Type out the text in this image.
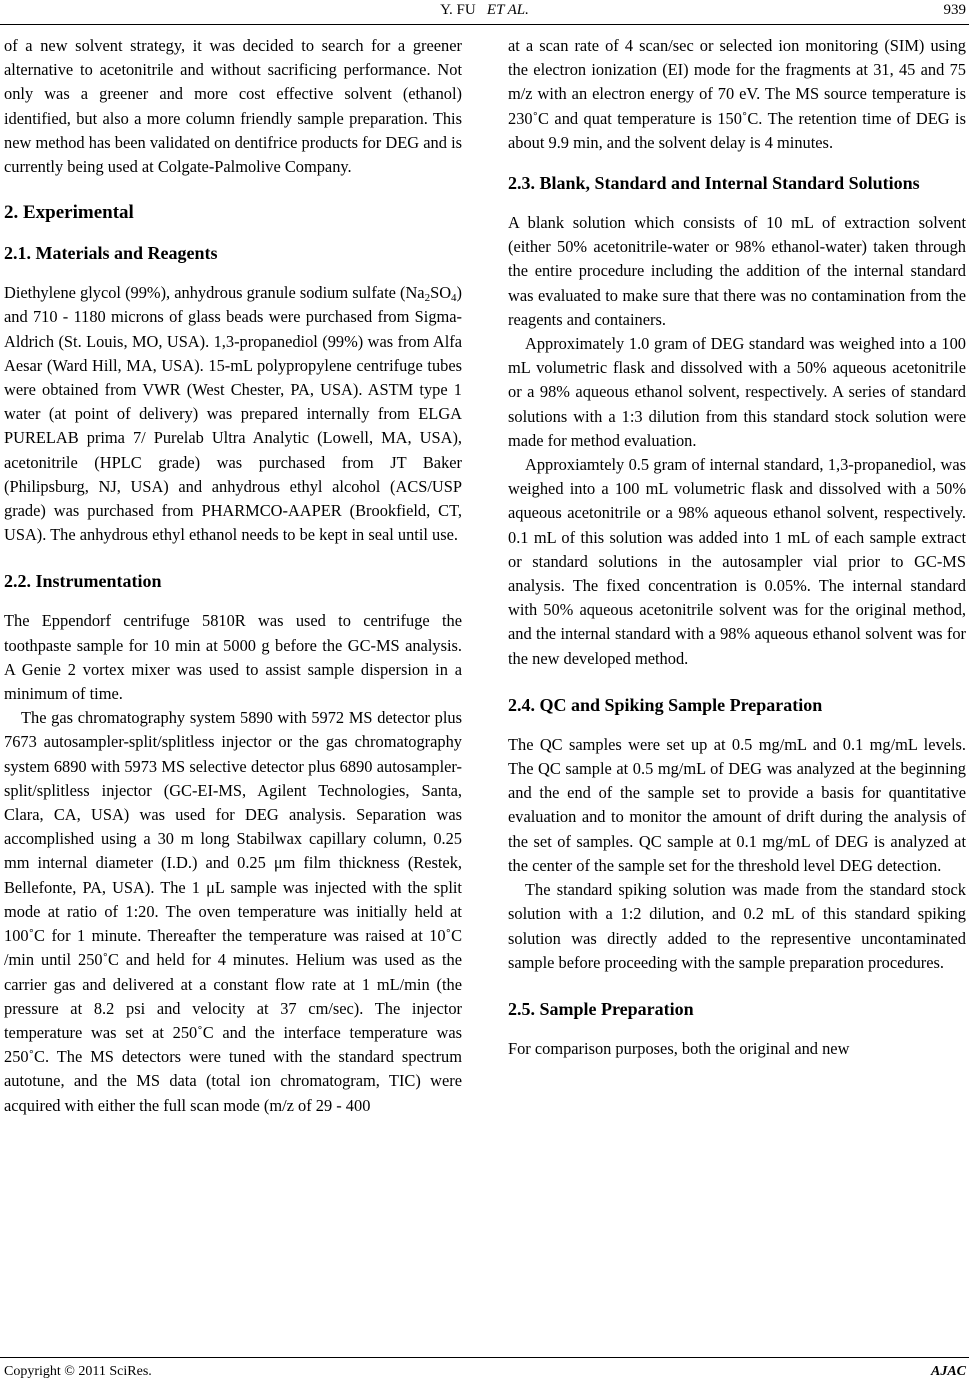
Y. FU ET AL.	939

of a new solvent strategy, it was decided to search for a greener alternative to acetonitrile and without sacrificing performance. Not only was a greener and more cost effective solvent (ethanol) identified, but also a more column friendly sample preparation. This new method has been validated on dentifrice products for DEG and is currently being used at Colgate-Palmolive Company.

2. Experimental
2.1. Materials and Reagents

Diethylene glycol (99%), anhydrous granule sodium sulfate $(Na_2SO_4)$ and 710 - 1180 microns of glass beads were purchased from Sigma-Aldrich (St. Louis, MO, USA). 1,3-propanediol (99%) was from Alfa Aesar (Ward Hill, MA, USA). 15-mL polypropylene centrifuge tubes were obtained from VWR (West Chester, PA, USA). ASTM type 1 water (at point of delivery) was prepared internally from ELGA PURELAB prima 7/ Purelab Ultra Analytic (Lowell, MA, USA), acetonitrile (HPLC grade) was purchased from JT Baker (Philipsburg, NJ, USA) and anhydrous ethyl alcohol (ACS/USP grade) was purchased from PHARMCO-AAPER (Brookfield, CT, USA). The anhydrous ethyl ethanol needs to be kept in seal until use.

2.2. Instrumentation

The Eppendorf centrifuge 5810R was used to centrifuge the toothpaste sample for 10 min at 5000 g before the GC-MS analysis. A Genie 2 vortex mixer was used to assist sample dispersion in a minimum of time.

The gas chromatography system 5890 with 5972 MS detector plus 7673 autosampler-split/splitless injector or the gas chromatography system 6890 with 5973 MS selective detector plus 6890 autosampler-split/splitless injector (GC-EI-MS, Agilent Technologies, Santa, Clara, CA, USA) was used for DEG analysis. Separation was accomplished using a 30 m long Stabilwax capillary column, 0.25 mm internal diameter (I.D.) and 0.25 μm film thickness (Restek, Bellefonte, PA, USA). The 1 μL sample was injected with the split mode at ratio of 1:20. The oven temperature was initially held at 100˚C for 1 minute. Thereafter the temperature was raised at 10˚C /min until 250˚C and held for 4 minutes. Helium was used as the carrier gas and delivered at a constant flow rate at 1 mL/min (the pressure at 8.2 psi and velocity at 37 cm/sec). The injector temperature was set at 250˚C and the interface temperature was 250˚C. The MS detectors were tuned with the standard spectrum autotune, and the MS data (total ion chromatogram, TIC) were acquired with either the full scan mode (m/z of 29 - 400

at a scan rate of 4 scan/sec or selected ion monitoring (SIM) using the electron ionization (EI) mode for the fragments at 31, 45 and 75 m/z with an electron energy of 70 eV. The MS source temperature is 230˚C and quat temperature is 150˚C. The retention time of DEG is about 9.9 min, and the solvent delay is 4 minutes.

2.3. Blank, Standard and Internal Standard Solutions

A blank solution which consists of 10 mL of extraction solvent (either 50% acetonitrile-water or 98% ethanol-water) taken through the entire procedure including the addition of the internal standard was evaluated to make sure that there was no contamination from the reagents and containers.

Approximately 1.0 gram of DEG standard was weighed into a 100 mL volumetric flask and dissolved with a 50% aqueous acetonitrile or a 98% aqueous ethanol solvent, respectively. A series of standard solutions with a 1:3 dilution from this standard stock solution were made for method evaluation.

Approxiamtely 0.5 gram of internal standard, 1,3-propanediol, was weighed into a 100 mL volumetric flask and dissolved with a 50% aqueous acetonitrile or a 98% aqueous ethanol solvent, respectively. 0.1 mL of this solution was added into 1 mL of each sample extract or standard solutions in the autosampler vial prior to GC-MS analysis. The fixed concentration is 0.05%. The internal standard with 50% aqueous acetonitrile solvent was for the original method, and the internal standard with a 98% aqueous ethanol solvent was for the new developed method.

2.4. QC and Spiking Sample Preparation

The QC samples were set up at 0.5 mg/mL and 0.1 mg/mL levels. The QC sample at 0.5 mg/mL of DEG was analyzed at the beginning and the end of the sample set to provide a basis for quantitative evaluation and to monitor the amount of drift during the analysis of the set of samples. QC sample at 0.1 mg/mL of DEG is analyzed at the center of the sample set for the threshold level DEG detection.

The standard spiking solution was made from the standard stock solution with a 1:2 dilution, and 0.2 mL of this standard spiking solution was directly added to the representive uncontaminated sample before proceeding with the sample preparation procedures.

2.5. Sample Preparation

For comparison purposes, both the original and new

Copyright © 2011 SciRes.	AJAC
